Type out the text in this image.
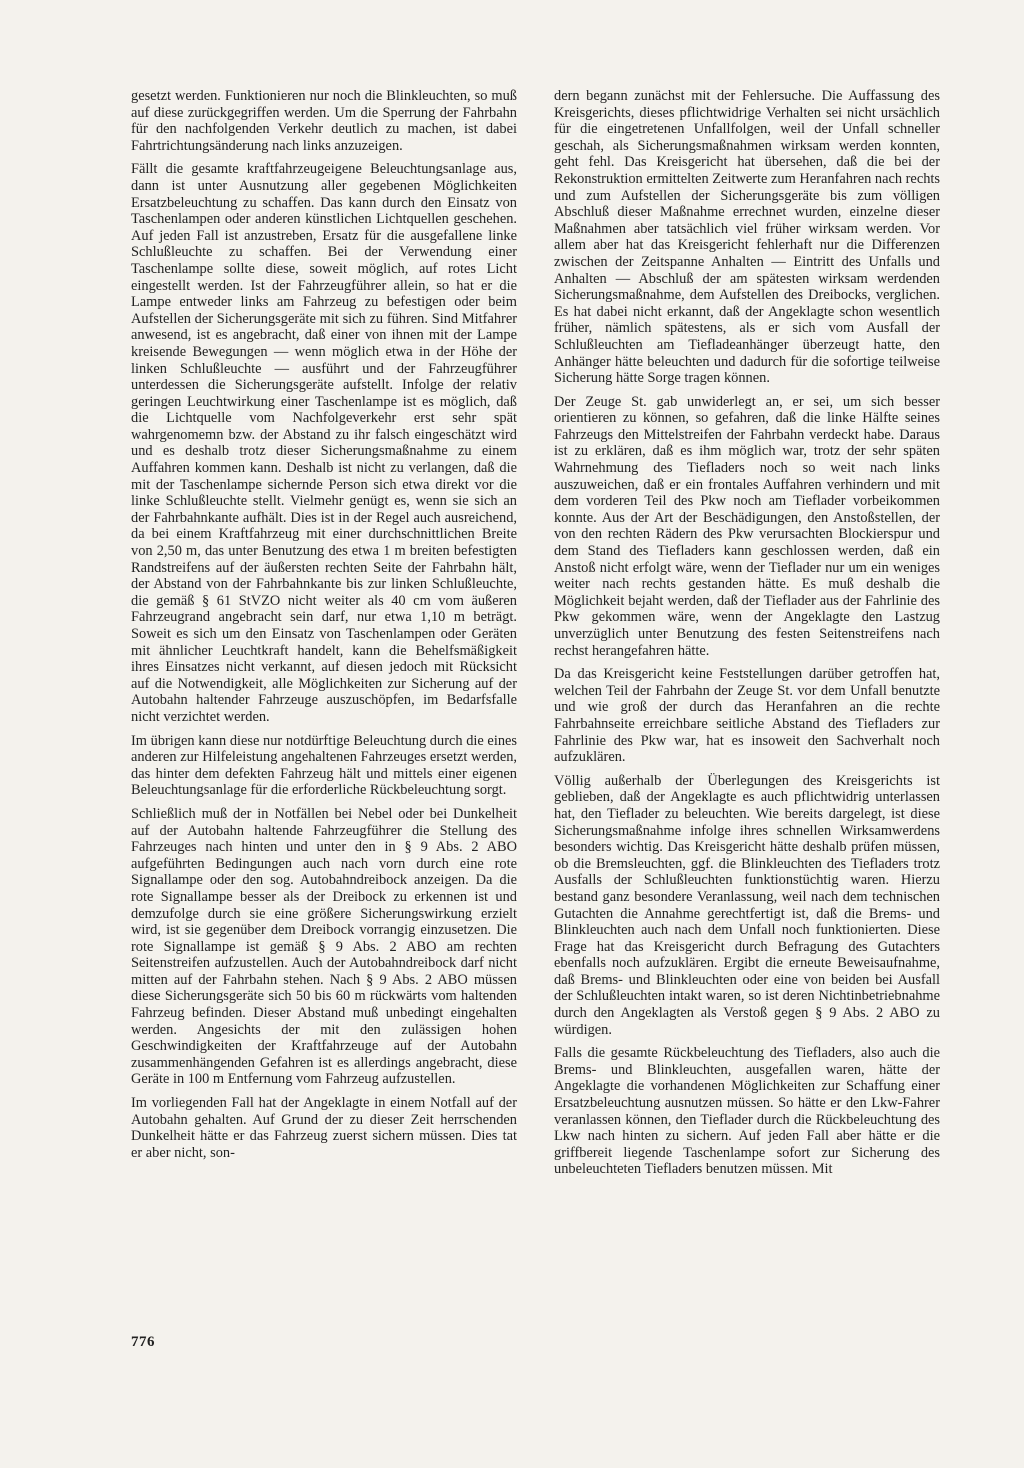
gesetzt werden. Funktionieren nur noch die Blinkleuchten, so muß auf diese zurückgegriffen werden. Um die Sperrung der Fahrbahn für den nachfolgenden Verkehr deutlich zu machen, ist dabei Fahrtrichtungsänderung nach links anzuzeigen.

Fällt die gesamte kraftfahrzeugeigene Beleuchtungsanlage aus, dann ist unter Ausnutzung aller gegebenen Möglichkeiten Ersatzbeleuchtung zu schaffen. Das kann durch den Einsatz von Taschenlampen oder anderen künstlichen Lichtquellen geschehen. Auf jeden Fall ist anzustreben, Ersatz für die ausgefallene linke Schlußleuchte zu schaffen. Bei der Verwendung einer Taschenlampe sollte diese, soweit möglich, auf rotes Licht eingestellt werden. Ist der Fahrzeugführer allein, so hat er die Lampe entweder links am Fahrzeug zu befestigen oder beim Aufstellen der Sicherungsgeräte mit sich zu führen. Sind Mitfahrer anwesend, ist es angebracht, daß einer von ihnen mit der Lampe kreisende Bewegungen — wenn möglich etwa in der Höhe der linken Schlußleuchte — ausführt und der Fahrzeugführer unterdessen die Sicherungsgeräte aufstellt. Infolge der relativ geringen Leuchtwirkung einer Taschenlampe ist es möglich, daß die Lichtquelle vom Nachfolgeverkehr erst sehr spät wahrgenomemn bzw. der Abstand zu ihr falsch eingeschätzt wird und es deshalb trotz dieser Sicherungsmaßnahme zu einem Auffahren kommen kann. Deshalb ist nicht zu verlangen, daß die mit der Taschenlampe sichernde Person sich etwa direkt vor die linke Schlußleuchte stellt. Vielmehr genügt es, wenn sie sich an der Fahrbahnkante aufhält. Dies ist in der Regel auch ausreichend, da bei einem Kraftfahrzeug mit einer durchschnittlichen Breite von 2,50 m, das unter Benutzung des etwa 1 m breiten befestigten Randstreifens auf der äußersten rechten Seite der Fahrbahn hält, der Abstand von der Fahrbahnkante bis zur linken Schlußleuchte, die gemäß § 61 StVZO nicht weiter als 40 cm vom äußeren Fahrzeugrand angebracht sein darf, nur etwa 1,10 m beträgt. Soweit es sich um den Einsatz von Taschenlampen oder Geräten mit ähnlicher Leuchtkraft handelt, kann die Behelfsmäßigkeit ihres Einsatzes nicht verkannt, auf diesen jedoch mit Rücksicht auf die Notwendigkeit, alle Möglichkeiten zur Sicherung auf der Autobahn haltender Fahrzeuge auszuschöpfen, im Bedarfsfalle nicht verzichtet werden.

Im übrigen kann diese nur notdürftige Beleuchtung durch die eines anderen zur Hilfeleistung angehaltenen Fahrzeuges ersetzt werden, das hinter dem defekten Fahrzeug hält und mittels einer eigenen Beleuchtungsanlage für die erforderliche Rückbeleuchtung sorgt.

Schließlich muß der in Notfällen bei Nebel oder bei Dunkelheit auf der Autobahn haltende Fahrzeugführer die Stellung des Fahrzeuges nach hinten und unter den in § 9 Abs. 2 ABO aufgeführten Bedingungen auch nach vorn durch eine rote Signallampe oder den sog. Autobahndreibock anzeigen. Da die rote Signallampe besser als der Dreibock zu erkennen ist und demzufolge durch sie eine größere Sicherungswirkung erzielt wird, ist sie gegenüber dem Dreibock vorrangig einzusetzen. Die rote Signallampe ist gemäß § 9 Abs. 2 ABO am rechten Seitenstreifen aufzustellen. Auch der Autobahndreibock darf nicht mitten auf der Fahrbahn stehen. Nach § 9 Abs. 2 ABO müssen diese Sicherungsgeräte sich 50 bis 60 m rückwärts vom haltenden Fahrzeug befinden. Dieser Abstand muß unbedingt eingehalten werden. Angesichts der mit den zulässigen hohen Geschwindigkeiten der Kraftfahrzeuge auf der Autobahn zusammenhängenden Gefahren ist es allerdings angebracht, diese Geräte in 100 m Entfernung vom Fahrzeug aufzustellen.

Im vorliegenden Fall hat der Angeklagte in einem Notfall auf der Autobahn gehalten. Auf Grund der zu dieser Zeit herrschenden Dunkelheit hätte er das Fahrzeug zuerst sichern müssen. Dies tat er aber nicht, son-

dern begann zunächst mit der Fehlersuche. Die Auffassung des Kreisgerichts, dieses pflichtwidrige Verhalten sei nicht ursächlich für die eingetretenen Unfallfolgen, weil der Unfall schneller geschah, als Sicherungsmaßnahmen wirksam werden konnten, geht fehl. Das Kreisgericht hat übersehen, daß die bei der Rekonstruktion ermittelten Zeitwerte zum Heranfahren nach rechts und zum Aufstellen der Sicherungsgeräte bis zum völligen Abschluß dieser Maßnahme errechnet wurden, einzelne dieser Maßnahmen aber tatsächlich viel früher wirksam werden. Vor allem aber hat das Kreisgericht fehlerhaft nur die Differenzen zwischen der Zeitspanne Anhalten — Eintritt des Unfalls und Anhalten — Abschluß der am spätesten wirksam werdenden Sicherungsmaßnahme, dem Aufstellen des Dreibocks, verglichen. Es hat dabei nicht erkannt, daß der Angeklagte schon wesentlich früher, nämlich spätestens, als er sich vom Ausfall der Schlußleuchten am Tiefladeanhänger überzeugt hatte, den Anhänger hätte beleuchten und dadurch für die sofortige teilweise Sicherung hätte Sorge tragen können.

Der Zeuge St. gab unwiderlegt an, er sei, um sich besser orientieren zu können, so gefahren, daß die linke Hälfte seines Fahrzeugs den Mittelstreifen der Fahrbahn verdeckt habe. Daraus ist zu erklären, daß es ihm möglich war, trotz der sehr späten Wahrnehmung des Tiefladers noch so weit nach links auszuweichen, daß er ein frontales Auffahren verhindern und mit dem vorderen Teil des Pkw noch am Tieflader vorbeikommen konnte. Aus der Art der Beschädigungen, den Anstoßstellen, der von den rechten Rädern des Pkw verursachten Blockierspur und dem Stand des Tiefladers kann geschlossen werden, daß ein Anstoß nicht erfolgt wäre, wenn der Tieflader nur um ein weniges weiter nach rechts gestanden hätte. Es muß deshalb die Möglichkeit bejaht werden, daß der Tieflader aus der Fahrlinie des Pkw gekommen wäre, wenn der Angeklagte den Lastzug unverzüglich unter Benutzung des festen Seitenstreifens nach rechst herangefahren hätte.

Da das Kreisgericht keine Feststellungen darüber getroffen hat, welchen Teil der Fahrbahn der Zeuge St. vor dem Unfall benutzte und wie groß der durch das Heranfahren an die rechte Fahrbahnseite erreichbare seitliche Abstand des Tiefladers zur Fahrlinie des Pkw war, hat es insoweit den Sachverhalt noch aufzuklären.

Völlig außerhalb der Überlegungen des Kreisgerichts ist geblieben, daß der Angeklagte es auch pflichtwidrig unterlassen hat, den Tieflader zu beleuchten. Wie bereits dargelegt, ist diese Sicherungsmaßnahme infolge ihres schnellen Wirksamwerdens besonders wichtig. Das Kreisgericht hätte deshalb prüfen müssen, ob die Bremsleuchten, ggf. die Blinkleuchten des Tiefladers trotz Ausfalls der Schlußleuchten funktionstüchtig waren. Hierzu bestand ganz besondere Veranlassung, weil nach dem technischen Gutachten die Annahme gerechtfertigt ist, daß die Brems- und Blinkleuchten auch nach dem Unfall noch funktionierten. Diese Frage hat das Kreisgericht durch Befragung des Gutachters ebenfalls noch aufzuklären. Ergibt die erneute Beweisaufnahme, daß Brems- und Blinkleuchten oder eine von beiden bei Ausfall der Schlußleuchten intakt waren, so ist deren Nichtinbetriebnahme durch den Angeklagten als Verstoß gegen § 9 Abs. 2 ABO zu würdigen.

Falls die gesamte Rückbeleuchtung des Tiefladers, also auch die Brems- und Blinkleuchten, ausgefallen waren, hätte der Angeklagte die vorhandenen Möglichkeiten zur Schaffung einer Ersatzbeleuchtung ausnutzen müssen. So hätte er den Lkw-Fahrer veranlassen können, den Tieflader durch die Rückbeleuchtung des Lkw nach hinten zu sichern. Auf jeden Fall aber hätte er die griffbereit liegende Taschenlampe sofort zur Sicherung des unbeleuchteten Tiefladers benutzen müssen. Mit

776
